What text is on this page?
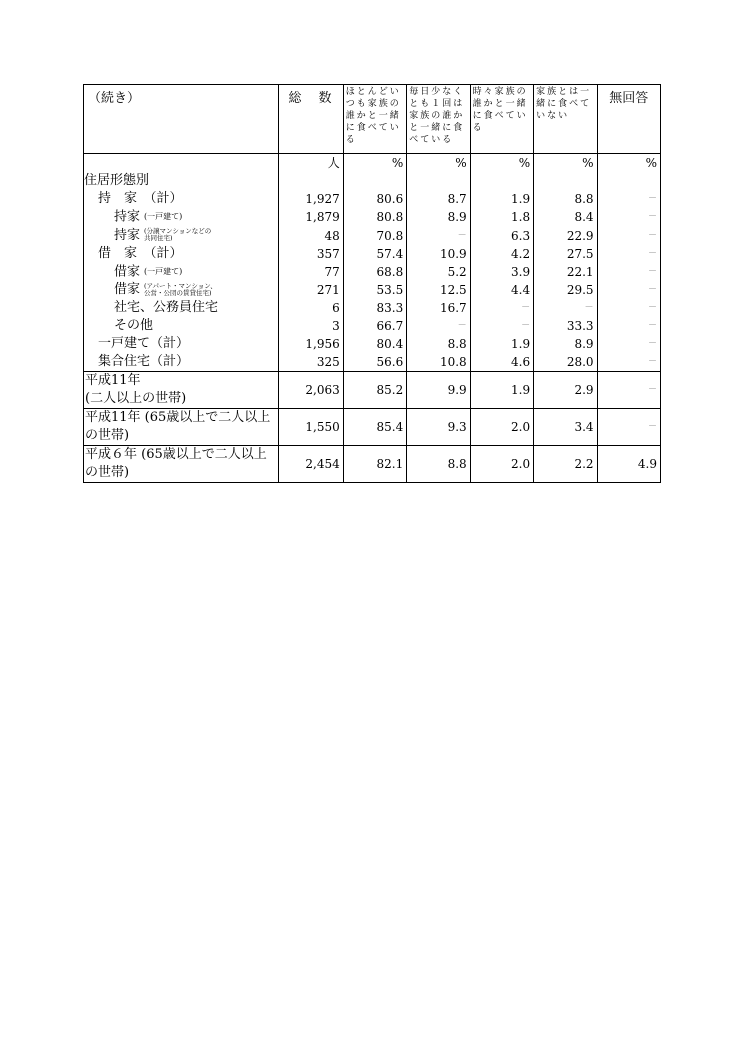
（続き）	総　数	ほとんどいつも家族の誰かと一緒に食べている	毎日少なくとも１回は家族の誰かと一緒に食べている	時々家族の誰かと一緒に食べている	家族とは一緒に食べていない	無回答
	人	%	%	%	%	%
住居形態別						
持　家　（計）	1,927	80.6	8.7	1.9	8.8	－
持家 (一戸建て)	1,879	80.8	8.9	1.8	8.4	－
持家 (分譲マンションなどの
共同住宅)	48	70.8	－	6.3	22.9	－
借　家　（計）	357	57.4	10.9	4.2	27.5	－
借家 (一戸建て)	77	68.8	5.2	3.9	22.1	－
借家 (アパート・マンション、
公営・公団の賃貸住宅)	271	53.5	12.5	4.4	29.5	－
社宅、公務員住宅	6	83.3	16.7	－	－	－
その他	3	66.7	－	－	33.3	－
一戸建て（計）	1,956	80.4	8.8	1.9	8.9	－
集合住宅（計）	325	56.6	10.8	4.6	28.0	－

平成11年
(二人以上の世帯)	2,063	85.2	9.9	1.9	2.9	－

平成11年 (65歳以上で二人以上
の世帯)	1,550	85.4	9.3	2.0	3.4	－

平成６年 (65歳以上で二人以上
の世帯)	2,454	82.1	8.8	2.0	2.2	4.9
